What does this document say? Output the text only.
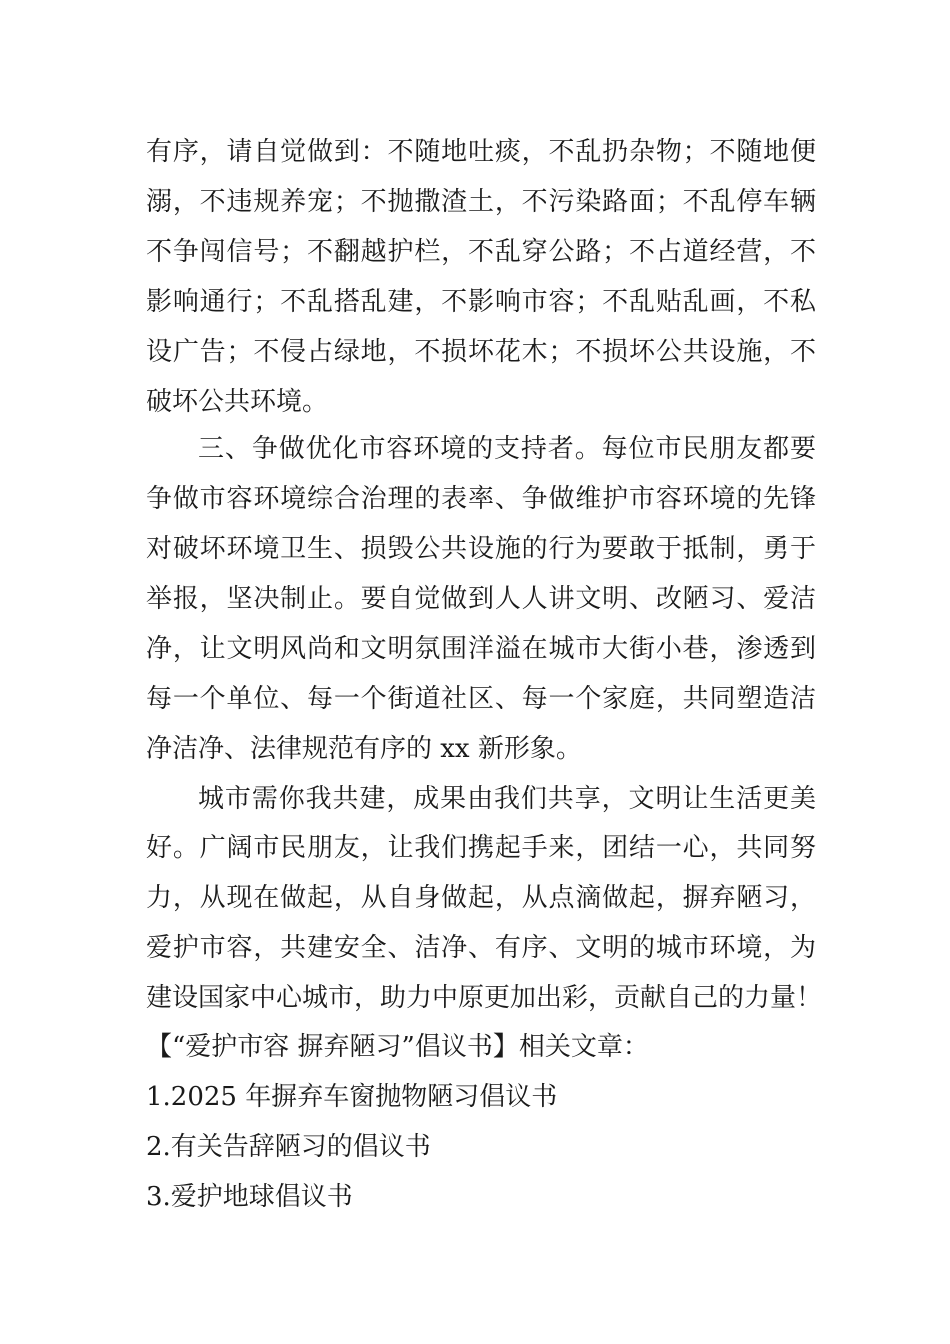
有序，请自觉做到：不随地吐痰，不乱扔杂物；不随地便
溺，不违规养宠；不抛撒渣土，不污染路面；不乱停车辆
不争闯信号；不翻越护栏，不乱穿公路；不占道经营，不
影响通行；不乱搭乱建，不影响市容；不乱贴乱画，不私
设广告；不侵占绿地，不损坏花木；不损坏公共设施，不
破坏公共环境。
三、争做优化市容环境的支持者。每位市民朋友都要
争做市容环境综合治理的表率、争做维护市容环境的先锋
对破坏环境卫生、损毁公共设施的行为要敢于抵制，勇于
举报，坚决制止。要自觉做到人人讲文明、改陋习、爱洁
净，让文明风尚和文明氛围洋溢在城市大街小巷，渗透到
每一个单位、每一个街道社区、每一个家庭，共同塑造洁
净洁净、法律规范有序的 xx 新形象。
城市需你我共建，成果由我们共享，文明让生活更美
好。广阔市民朋友，让我们携起手来，团结一心，共同努
力，从现在做起，从自身做起，从点滴做起，摒弃陋习，
爱护市容，共建安全、洁净、有序、文明的城市环境，为
建设国家中心城市，助力中原更加出彩，贡献自己的力量！
【“爱护市容 摒弃陋习”倡议书】相关文章：
1.2025 年摒弃车窗抛物陋习倡议书
2.有关告辞陋习的倡议书
3.爱护地球倡议书
